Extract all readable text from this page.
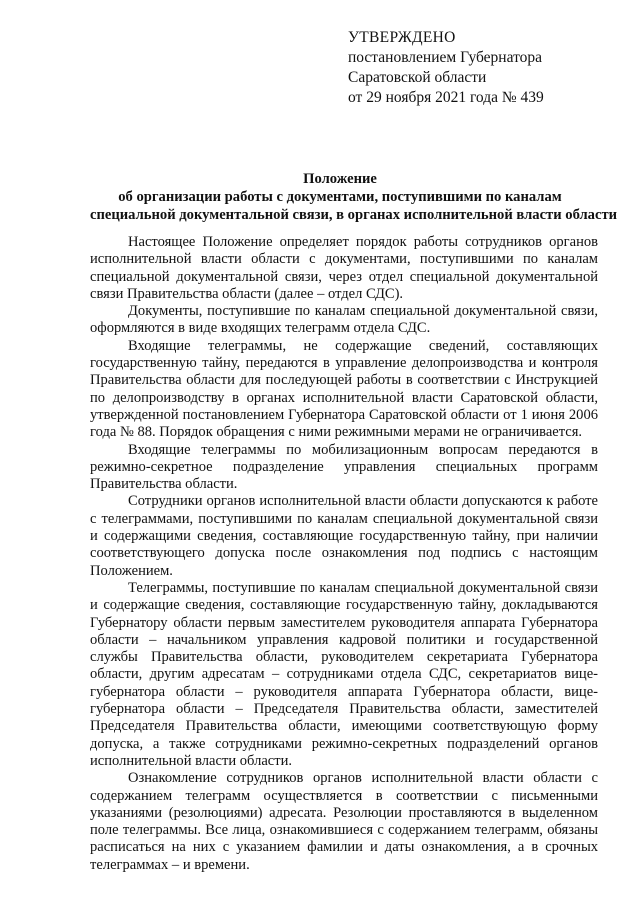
УТВЕРЖДЕНО
постановлением Губернатора
Саратовской области
от 29 ноября 2021 года № 439
Положение
об организации работы с документами, поступившими по каналам
специальной документальной связи, в органах исполнительной власти области

Настоящее Положение определяет порядок работы сотрудников органов исполнительной власти области с документами, поступившими по каналам специальной документальной связи, через отдел специальной документальной связи Правительства области (далее – отдел СДС).

Документы, поступившие по каналам специальной документальной связи, оформляются в виде входящих телеграмм отдела СДС.

Входящие телеграммы, не содержащие сведений, составляющих государственную тайну, передаются в управление делопроизводства и контроля Правительства области для последующей работы в соответствии с Инструкцией по делопроизводству в органах исполнительной власти Саратовской области, утвержденной постановлением Губернатора Саратовской области от 1 июня 2006 года № 88. Порядок обращения с ними режимными мерами не ограничивается.

Входящие телеграммы по мобилизационным вопросам передаются в режимно-секретное подразделение управления специальных программ Правительства области.

Сотрудники органов исполнительной власти области допускаются к работе с телеграммами, поступившими по каналам специальной документальной связи и содержащими сведения, составляющие государственную тайну, при наличии соответствующего допуска после ознакомления под подпись с настоящим Положением.

Телеграммы, поступившие по каналам специальной документальной связи и содержащие сведения, составляющие государственную тайну, докладываются Губернатору области первым заместителем руководителя аппарата Губернатора области – начальником управления кадровой политики и государственной службы Правительства области, руководителем секретариата Губернатора области, другим адресатам – сотрудниками отдела СДС, секретариатов вице-губернатора области – руководителя аппарата Губернатора области, вице-губернатора области – Председателя Правительства области, заместителей Председателя Правительства области, имеющими соответствующую форму допуска, а также сотрудниками режимно-секретных подразделений органов исполнительной власти области.

Ознакомление сотрудников органов исполнительной власти области с содержанием телеграмм осуществляется в соответствии с письменными указаниями (резолюциями) адресата. Резолюции проставляются в выделенном поле телеграммы. Все лица, ознакомившиеся с содержанием телеграмм, обязаны расписаться на них с указанием фамилии и даты ознакомления, а в срочных телеграммах – и времени.
